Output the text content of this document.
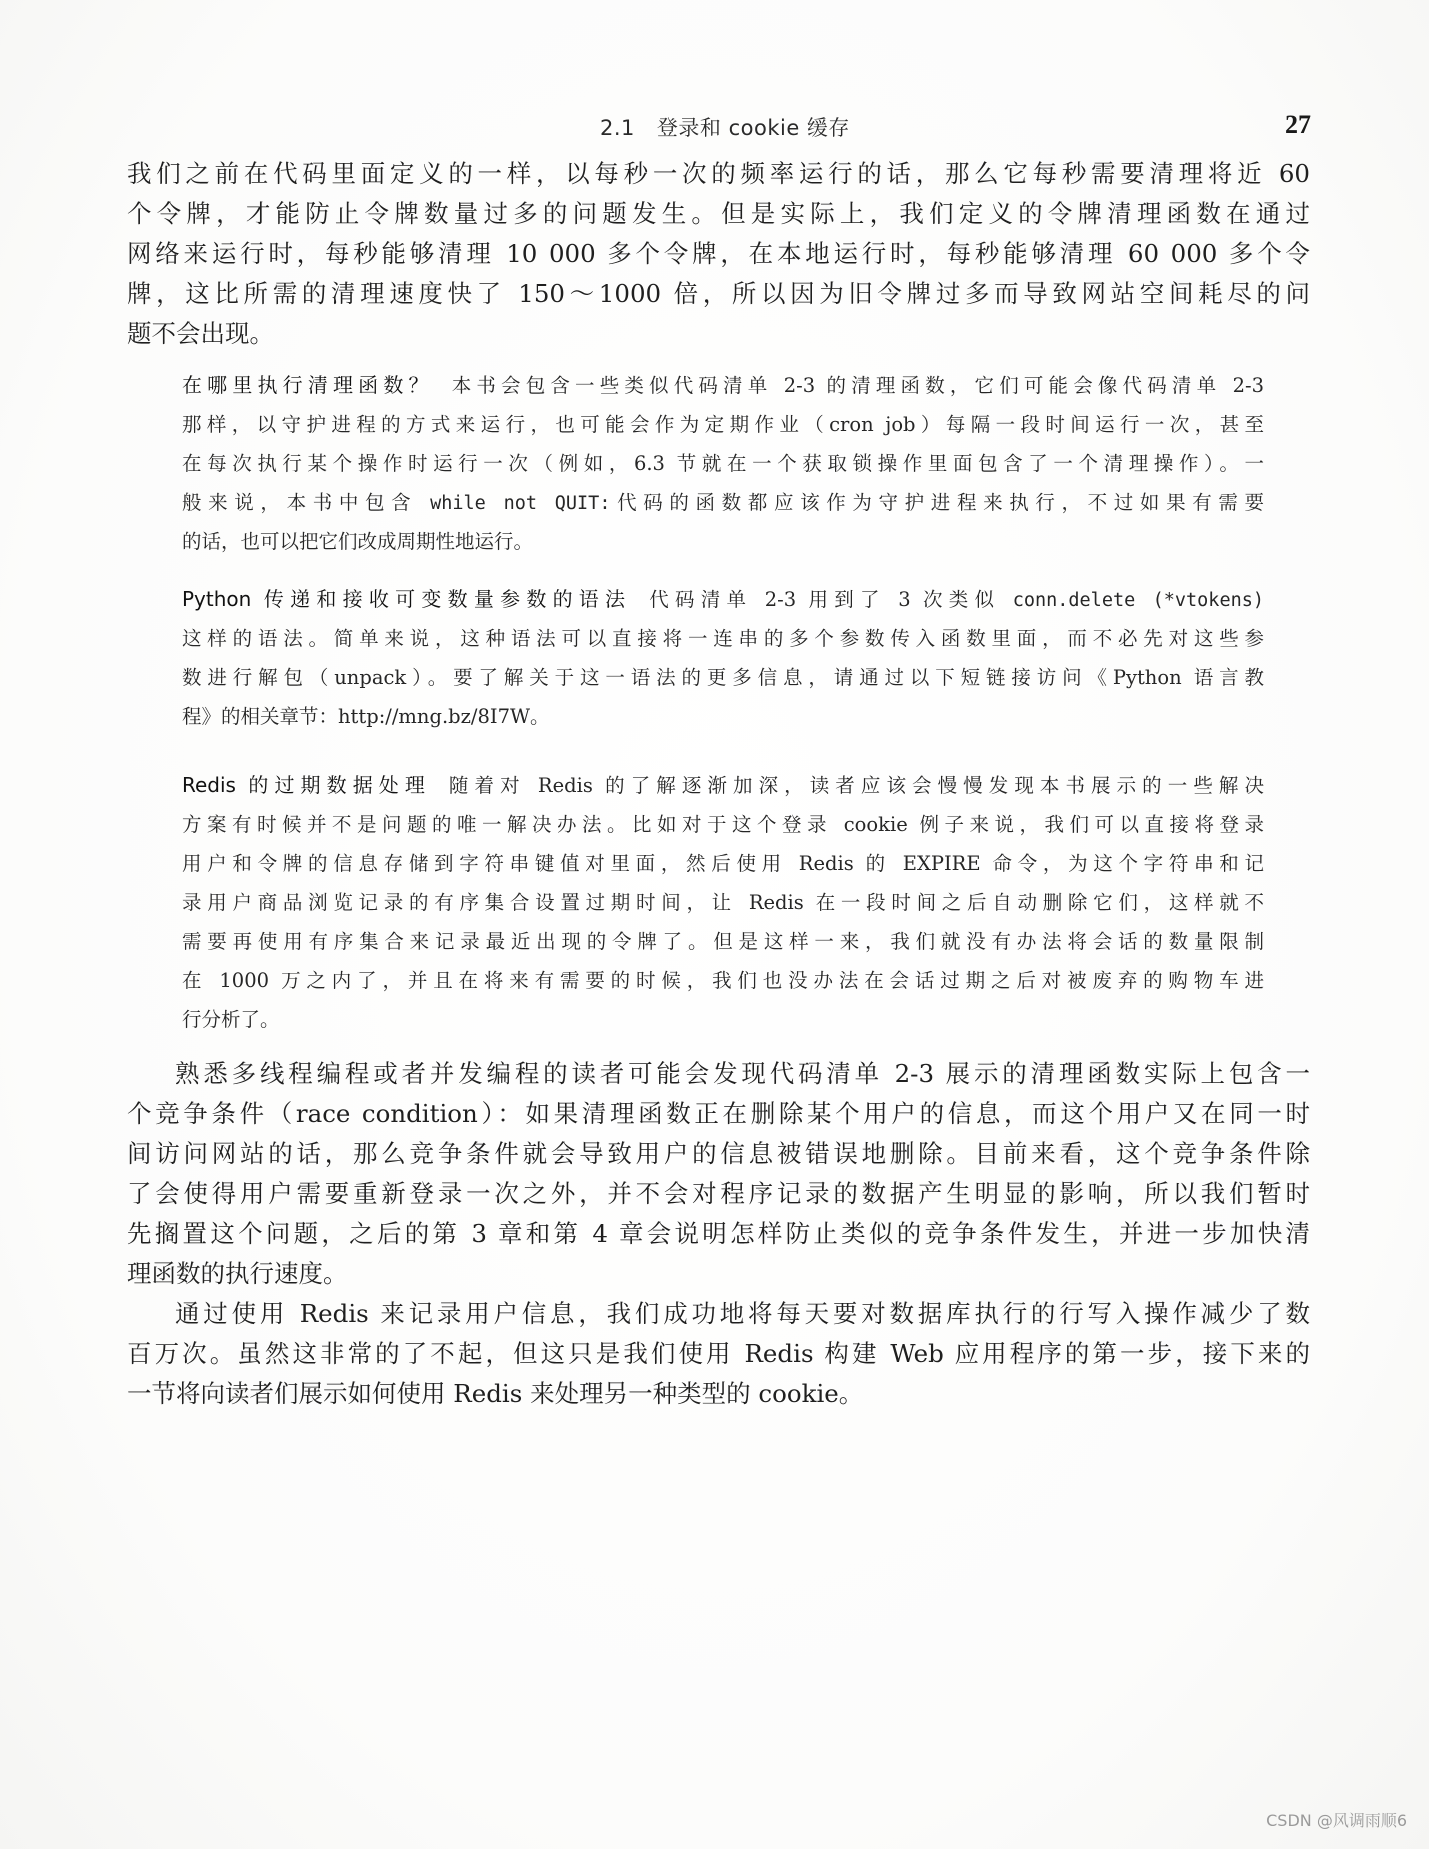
2.1 登录和 cookie 缓存	27
我们之前在代码里面定义的一样，以每秒一次的频率运行的话，那么它每秒需要清理将近 60
个令牌，才能防止令牌数量过多的问题发生。但是实际上，我们定义的令牌清理函数在通过
网络来运行时，每秒能够清理 10 000 多个令牌，在本地运行时，每秒能够清理 60 000 多个令
牌，这比所需的清理速度快了 150～1000 倍，所以因为旧令牌过多而导致网站空间耗尽的问
题不会出现。
在哪里执行清理函数？ 本书会包含一些类似代码清单 2-3 的清理函数，它们可能会像代码清单 2-3
那样，以守护进程的方式来运行，也可能会作为定期作业（cron job）每隔一段时间运行一次，甚至
在每次执行某个操作时运行一次（例如，6.3 节就在一个获取锁操作里面包含了一个清理操作）。一
般来说，本书中包含 while not QUIT:代码的函数都应该作为守护进程来执行，不过如果有需要
的话，也可以把它们改成周期性地运行。
Python 传递和接收可变数量参数的语法 代码清单 2-3 用到了 3 次类似 conn.delete (*vtokens)
这样的语法。简单来说，这种语法可以直接将一连串的多个参数传入函数里面，而不必先对这些参
数进行解包（unpack）。要了解关于这一语法的更多信息，请通过以下短链接访问《Python 语言教
程》的相关章节：http://mng.bz/8I7W。
Redis 的过期数据处理 随着对 Redis 的了解逐渐加深，读者应该会慢慢发现本书展示的一些解决
方案有时候并不是问题的唯一解决办法。比如对于这个登录 cookie 例子来说，我们可以直接将登录
用户和令牌的信息存储到字符串键值对里面，然后使用 Redis 的 EXPIRE 命令，为这个字符串和记
录用户商品浏览记录的有序集合设置过期时间，让 Redis 在一段时间之后自动删除它们，这样就不
需要再使用有序集合来记录最近出现的令牌了。但是这样一来，我们就没有办法将会话的数量限制
在 1000 万之内了，并且在将来有需要的时候，我们也没办法在会话过期之后对被废弃的购物车进
行分析了。
熟悉多线程编程或者并发编程的读者可能会发现代码清单 2-3 展示的清理函数实际上包含一
个竞争条件（race condition）：如果清理函数正在删除某个用户的信息，而这个用户又在同一时
间访问网站的话，那么竞争条件就会导致用户的信息被错误地删除。目前来看，这个竞争条件除
了会使得用户需要重新登录一次之外，并不会对程序记录的数据产生明显的影响，所以我们暂时
先搁置这个问题，之后的第 3 章和第 4 章会说明怎样防止类似的竞争条件发生，并进一步加快清
理函数的执行速度。
通过使用 Redis 来记录用户信息，我们成功地将每天要对数据库执行的行写入操作减少了数
百万次。虽然这非常的了不起，但这只是我们使用 Redis 构建 Web 应用程序的第一步，接下来的
一节将向读者们展示如何使用 Redis 来处理另一种类型的 cookie。
CSDN @风调雨顺6
